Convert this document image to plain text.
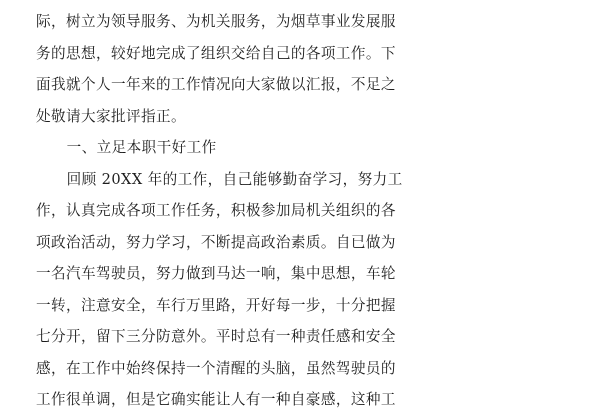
际，树立为领导服务、为机关服务，为烟草事业发展服
务的思想，较好地完成了组织交给自己的各项工作。下
面我就个人一年来的工作情况向大家做以汇报，不足之
处敬请大家批评指正。
一、立足本职干好工作
回顾 20XX 年的工作，自己能够勤奋学习，努力工
作，认真完成各项工作任务，积极参加局机关组织的各
项政治活动，努力学习，不断提高政治素质。自已做为
一名汽车驾驶员，努力做到马达一响，集中思想，车轮
一转，注意安全，车行万里路，开好每一步，十分把握
七分开，留下三分防意外。平时总有一种责任感和安全
感，在工作中始终保持一个清醒的头脑，虽然驾驶员的
工作很单调，但是它确实能让人有一种自豪感，这种工
